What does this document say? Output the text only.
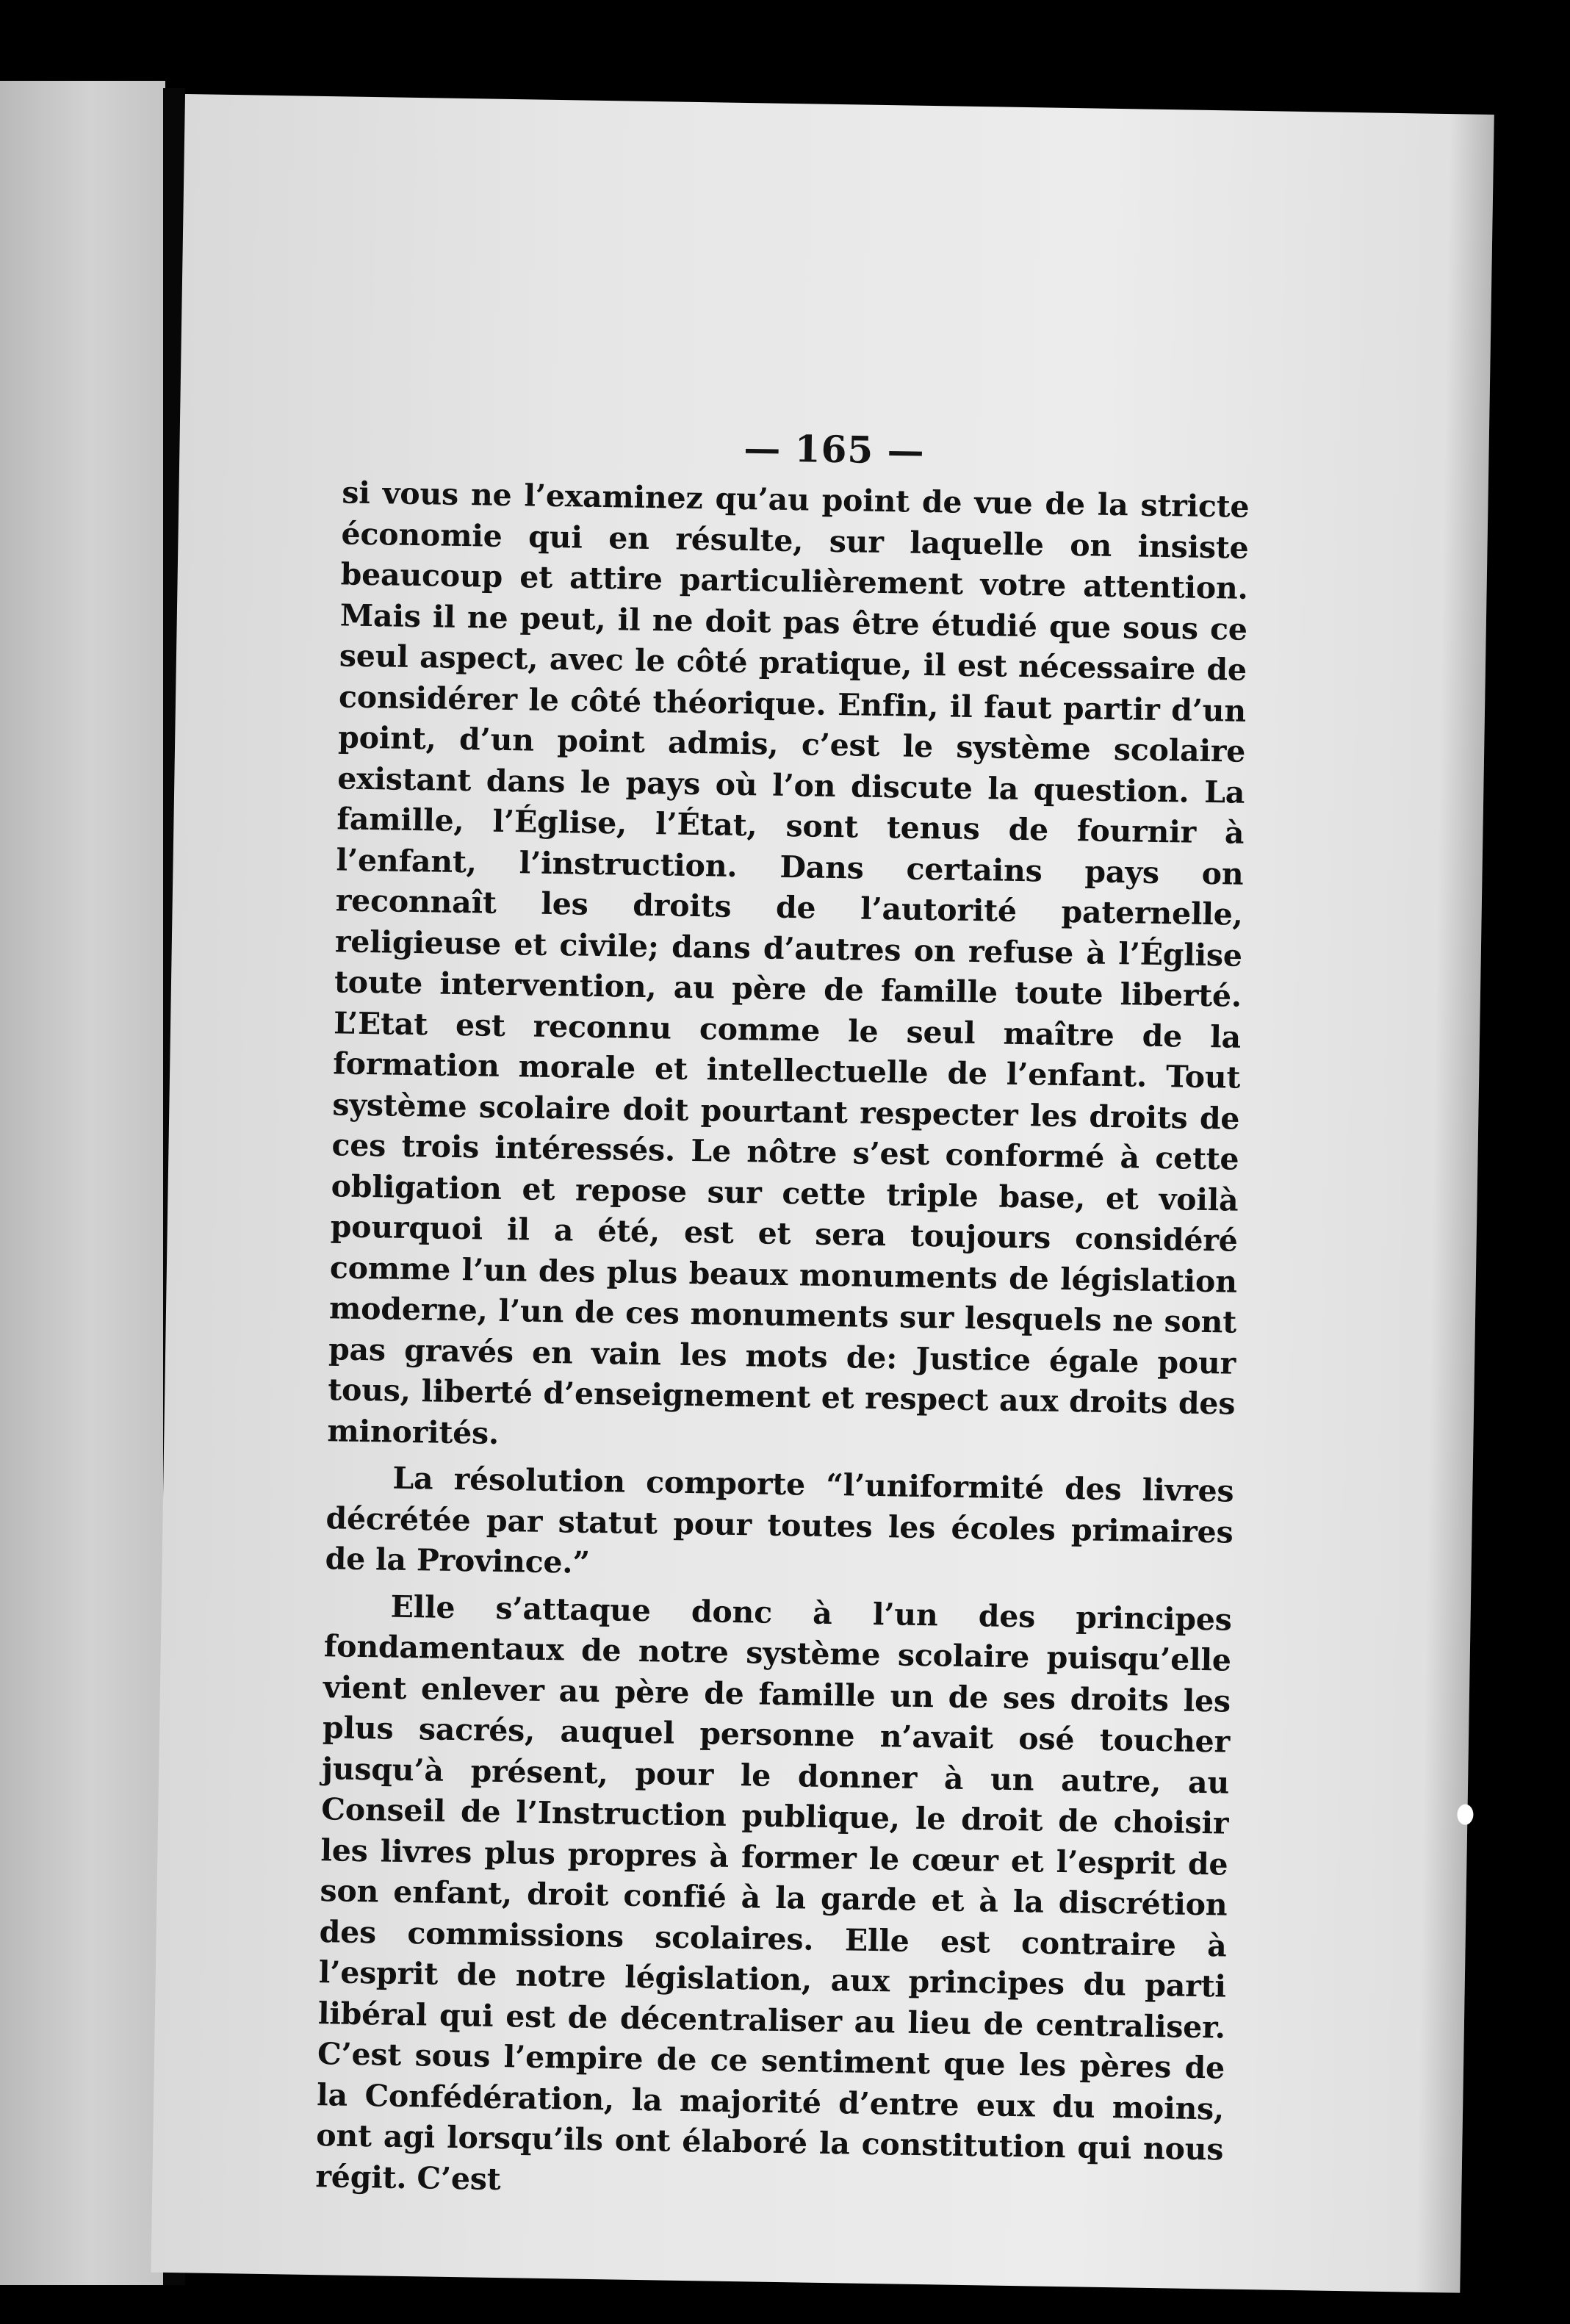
— 165 —

si vous ne l’examinez qu’au point de vue de la stricte économie qui en résulte, sur laquelle on insiste beaucoup et attire particulièrement votre attention. Mais il ne peut, il ne doit pas être étudié que sous ce seul aspect, avec le côté pratique, il est nécessaire de considérer le côté théorique. Enfin, il faut partir d’un point, d’un point admis, c’est le système scolaire existant dans le pays où l’on discute la question. La famille, l’Église, l’État, sont tenus de fournir à l’enfant, l’instruction. Dans certains pays on reconnaît les droits de l’autorité paternelle, religieuse et civile; dans d’autres on refuse à l’Église toute intervention, au père de famille toute liberté. L’Etat est reconnu comme le seul maître de la formation morale et intellectuelle de l’enfant. Tout système scolaire doit pourtant respecter les droits de ces trois intéressés. Le nôtre s’est conformé à cette obligation et repose sur cette triple base, et voilà pourquoi il a été, est et sera toujours considéré comme l’un des plus beaux monuments de législation moderne, l’un de ces monuments sur lesquels ne sont pas gravés en vain les mots de: Justice égale pour tous, liberté d’enseignement et respect aux droits des minorités.

La résolution comporte “l’uniformité des livres décrétée par statut pour toutes les écoles primaires de la Province.”

Elle s’attaque donc à l’un des principes fondamentaux de notre système scolaire puisqu’elle vient enlever au père de famille un de ses droits les plus sacrés, auquel personne n’avait osé toucher jusqu’à présent, pour le donner à un autre, au Conseil de l’Instruction publique, le droit de choisir les livres plus propres à former le cœur et l’esprit de son enfant, droit confié à la garde et à la discrétion des commissions scolaires. Elle est contraire à l’esprit de notre législation, aux principes du parti libéral qui est de décentraliser au lieu de centraliser. C’est sous l’empire de ce sentiment que les pères de la Confédération, la majorité d’entre eux du moins, ont agi lorsqu’ils ont élaboré la constitution qui nous régit. C’est
